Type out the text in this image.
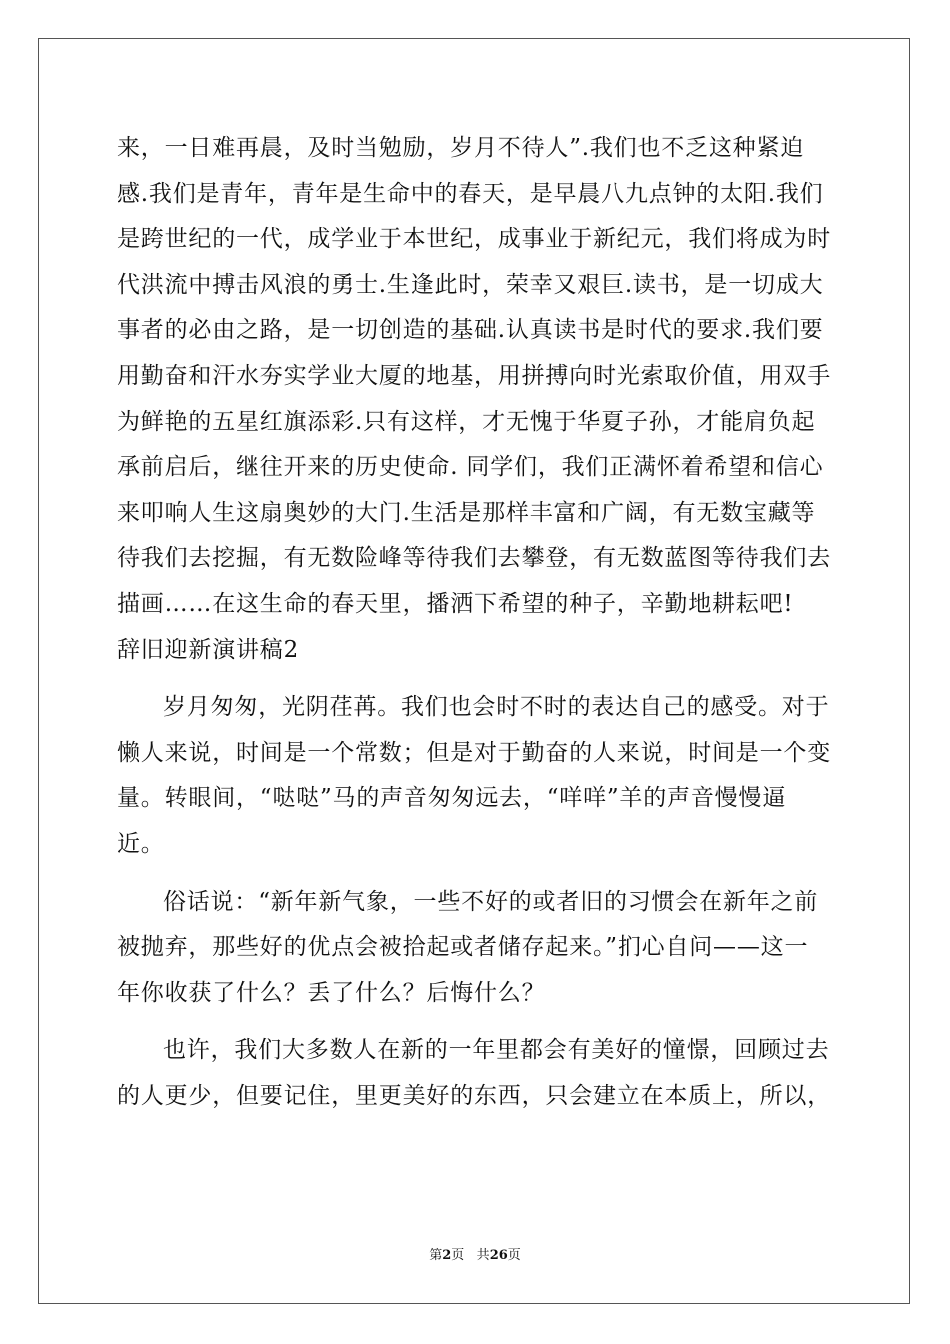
来，一日难再晨，及时当勉励，岁月不待人”.我们也不乏这种紧迫
感.我们是青年，青年是生命中的春天，是早晨八九点钟的太阳.我们
是跨世纪的一代，成学业于本世纪，成事业于新纪元，我们将成为时
代洪流中搏击风浪的勇士.生逢此时，荣幸又艰巨.读书，是一切成大
事者的必由之路，是一切创造的基础.认真读书是时代的要求.我们要
用勤奋和汗水夯实学业大厦的地基，用拼搏向时光索取价值，用双手
为鲜艳的五星红旗添彩.只有这样，才无愧于华夏子孙，才能肩负起
承前启后，继往开来的历史使命. 同学们，我们正满怀着希望和信心
来叩响人生这扇奥妙的大门.生活是那样丰富和广阔，有无数宝藏等
待我们去挖掘，有无数险峰等待我们去攀登，有无数蓝图等待我们去
描画……在这生命的春天里，播洒下希望的种子，辛勤地耕耘吧!
辞旧迎新演讲稿2
岁月匆匆，光阴荏苒。我们也会时不时的表达自己的感受。对于
懒人来说，时间是一个常数；但是对于勤奋的人来说，时间是一个变
量。转眼间，“哒哒”马的声音匆匆远去，“咩咩”羊的声音慢慢逼
近。
俗话说：“新年新气象，一些不好的或者旧的习惯会在新年之前
被抛弃，那些好的优点会被拾起或者储存起来。”扪心自问——这一
年你收获了什么？丢了什么？后悔什么？
也许，我们大多数人在新的一年里都会有美好的憧憬，回顾过去
的人更少，但要记住，里更美好的东西，只会建立在本质上，所以，
第2页 共26页
